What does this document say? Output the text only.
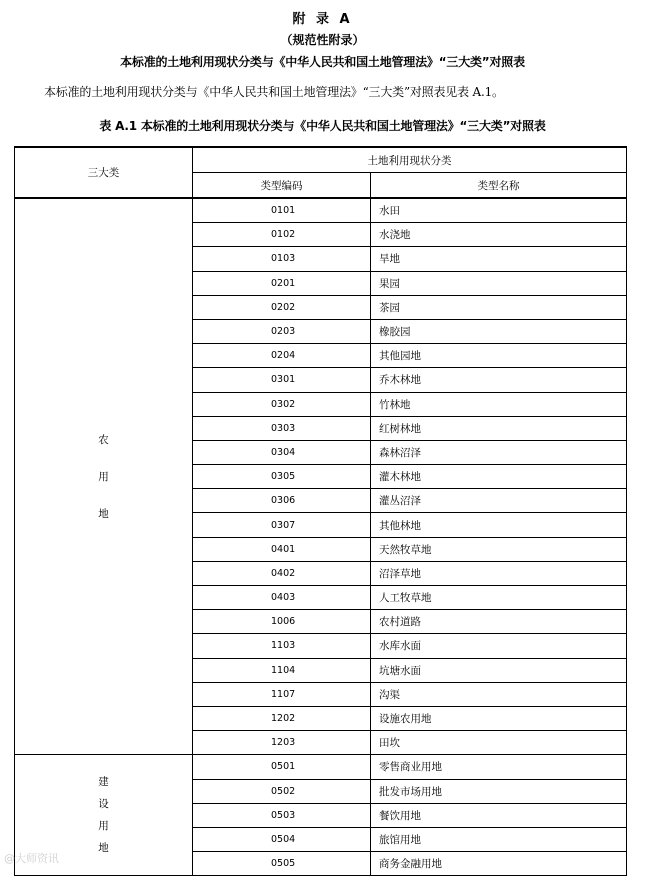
附 录 A
（规范性附录）
本标准的土地利用现状分类与《中华人民共和国土地管理法》“三大类”对照表
本标准的土地利用现状分类与《中华人民共和国土地管理法》“三大类”对照表见表 A.1。
表 A.1 本标准的土地利用现状分类与《中华人民共和国土地管理法》“三大类”对照表
三大类	土地利用现状分类	
	类型编码	类型名称

农
用
地	0101	水田
	0102	水浇地
	0103	旱地
	0201	果园
	0202	茶园
	0203	橡胶园
	0204	其他园地
	0301	乔木林地
	0302	竹林地
	0303	红树林地
	0304	森林沼泽
	0305	灌木林地
	0306	灌丛沼泽
	0307	其他林地
	0401	天然牧草地
	0402	沼泽草地
	0403	人工牧草地
	1006	农村道路
	1103	水库水面
	1104	坑塘水面
	1107	沟渠
	1202	设施农用地
	1203	田坎

建
设
用
地	0501	零售商业用地
	0502	批发市场用地
	0503	餐饮用地
	0504	旅馆用地
	0505	商务金融用地
@大师资讯
